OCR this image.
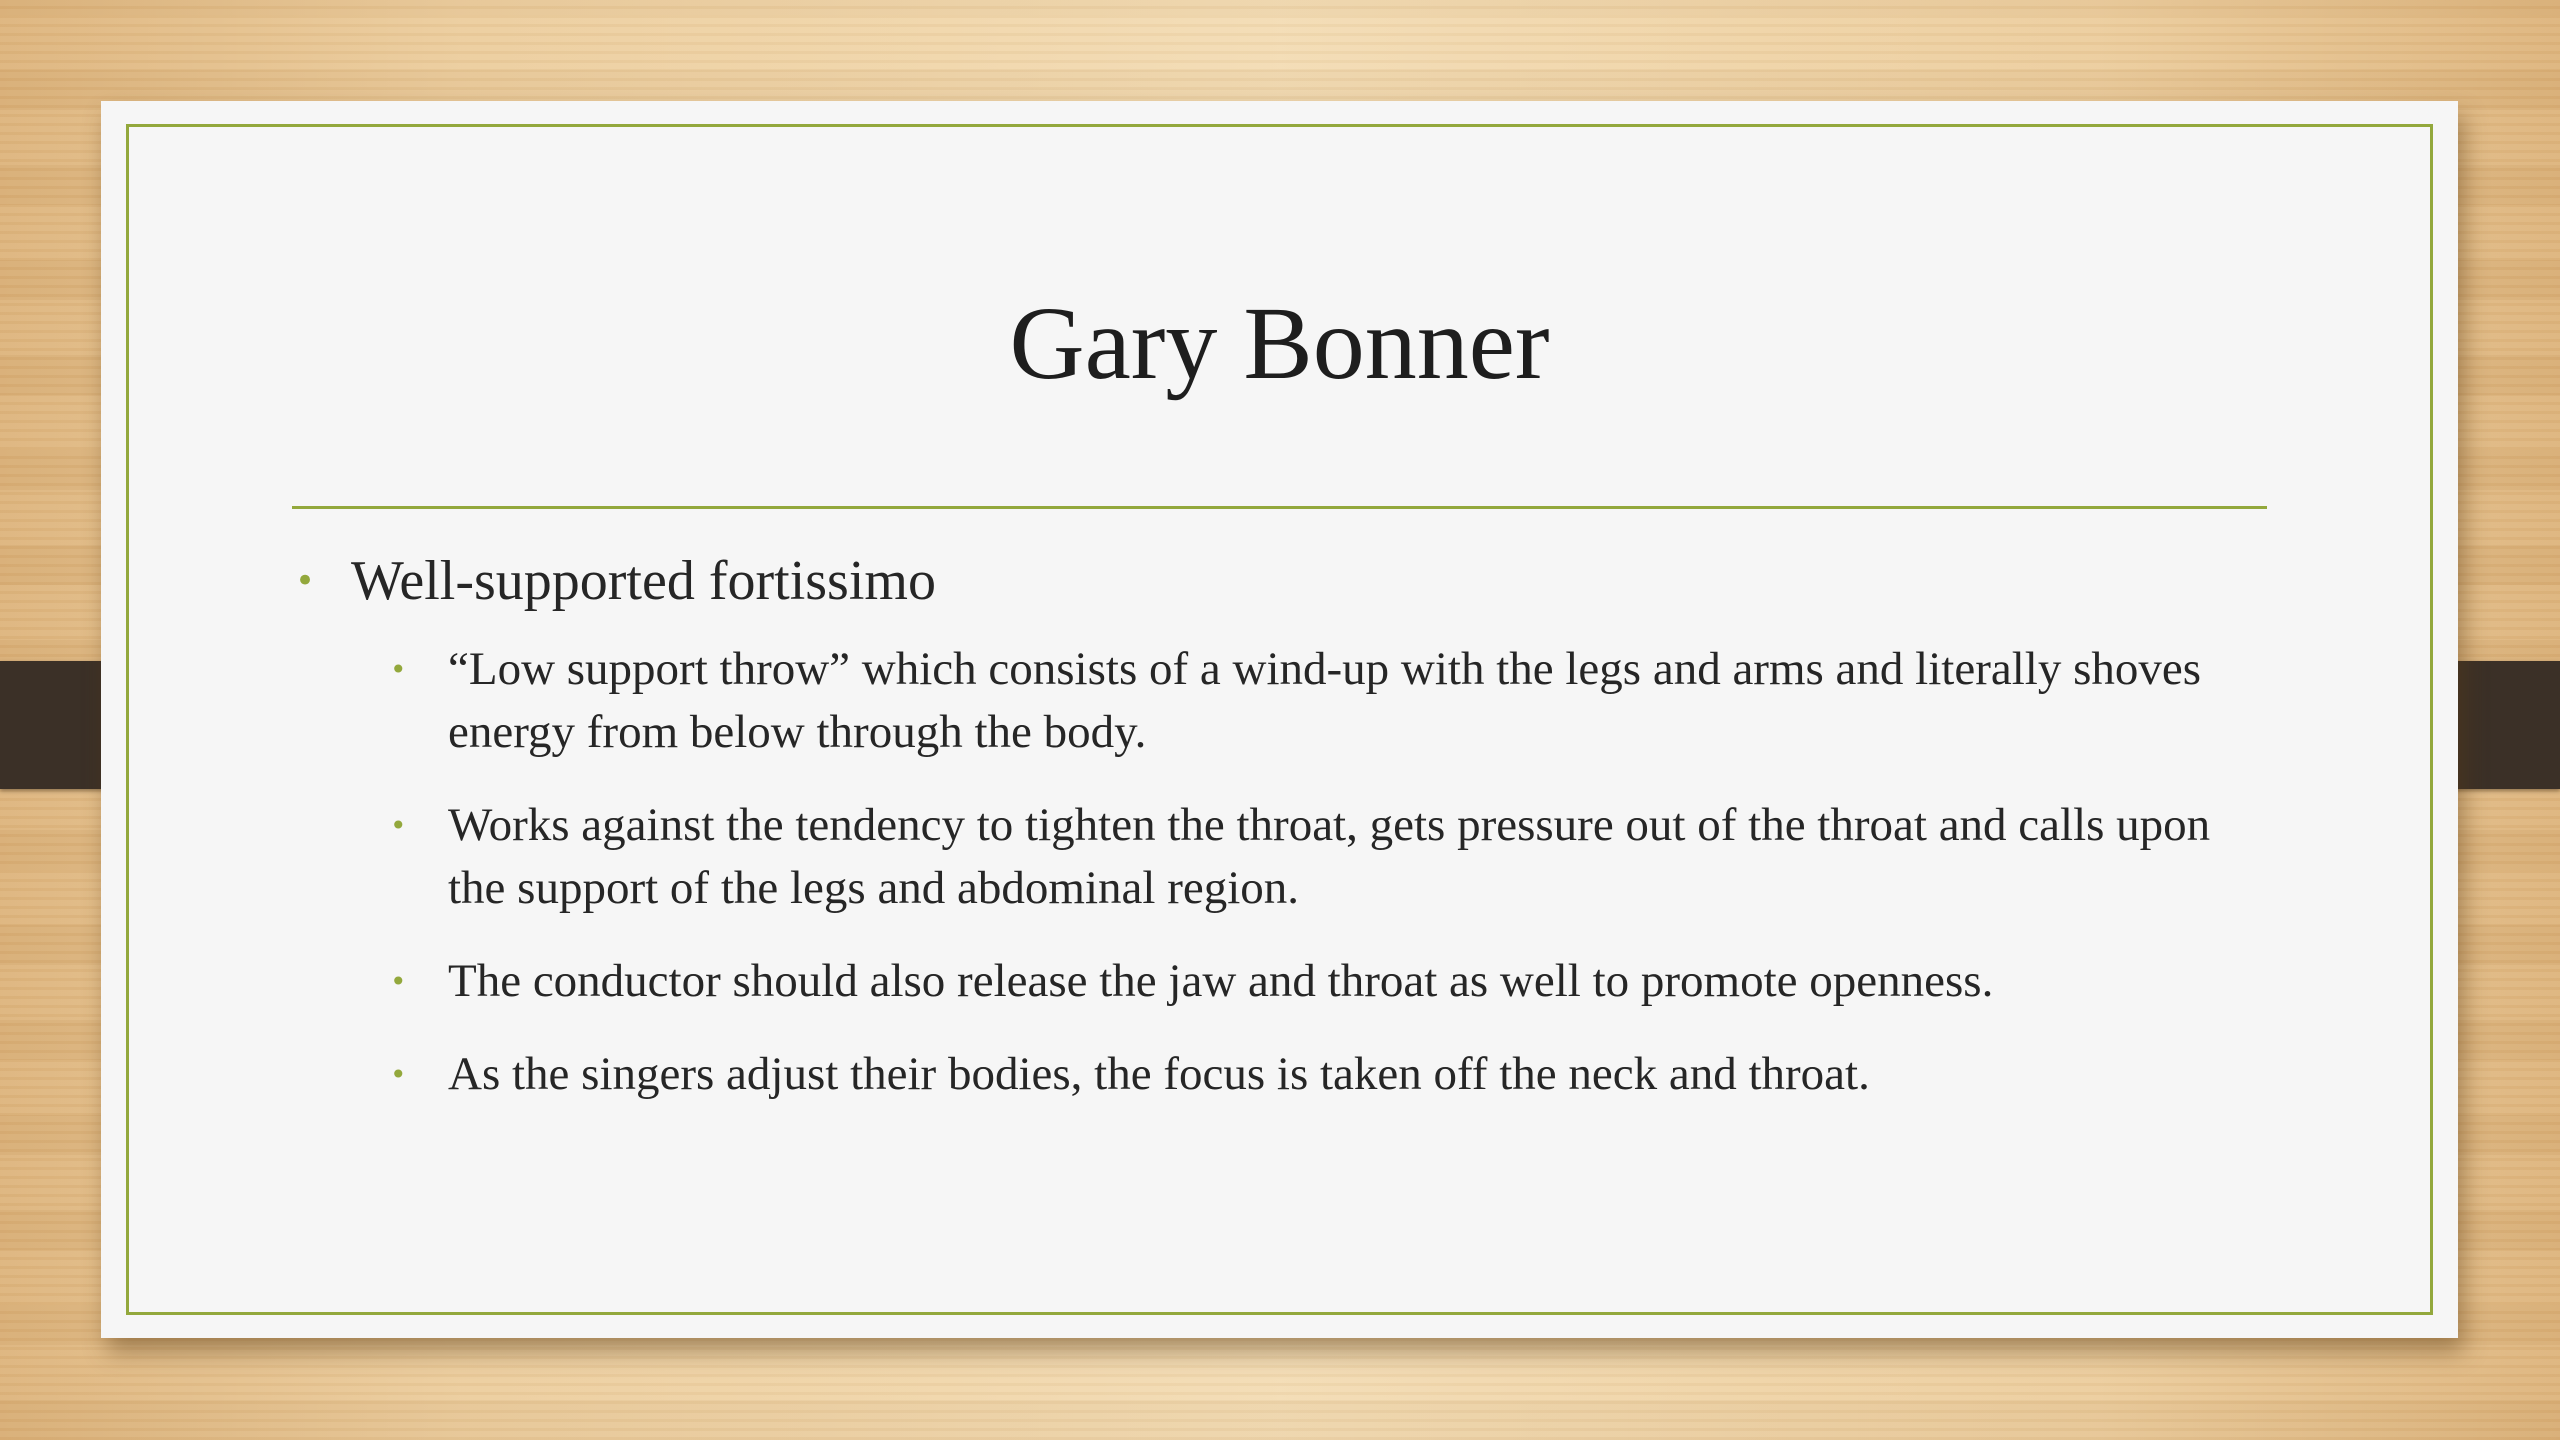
Gary Bonner
• Well-supported fortissimo
• “Low support throw” which consists of a wind-up with the legs and arms and literally shoves energy from below through the body.
• Works against the tendency to tighten the throat, gets pressure out of the throat and calls upon the support of the legs and abdominal region.
• The conductor should also release the jaw and throat as well to promote openness.
• As the singers adjust their bodies, the focus is taken off the neck and throat.
